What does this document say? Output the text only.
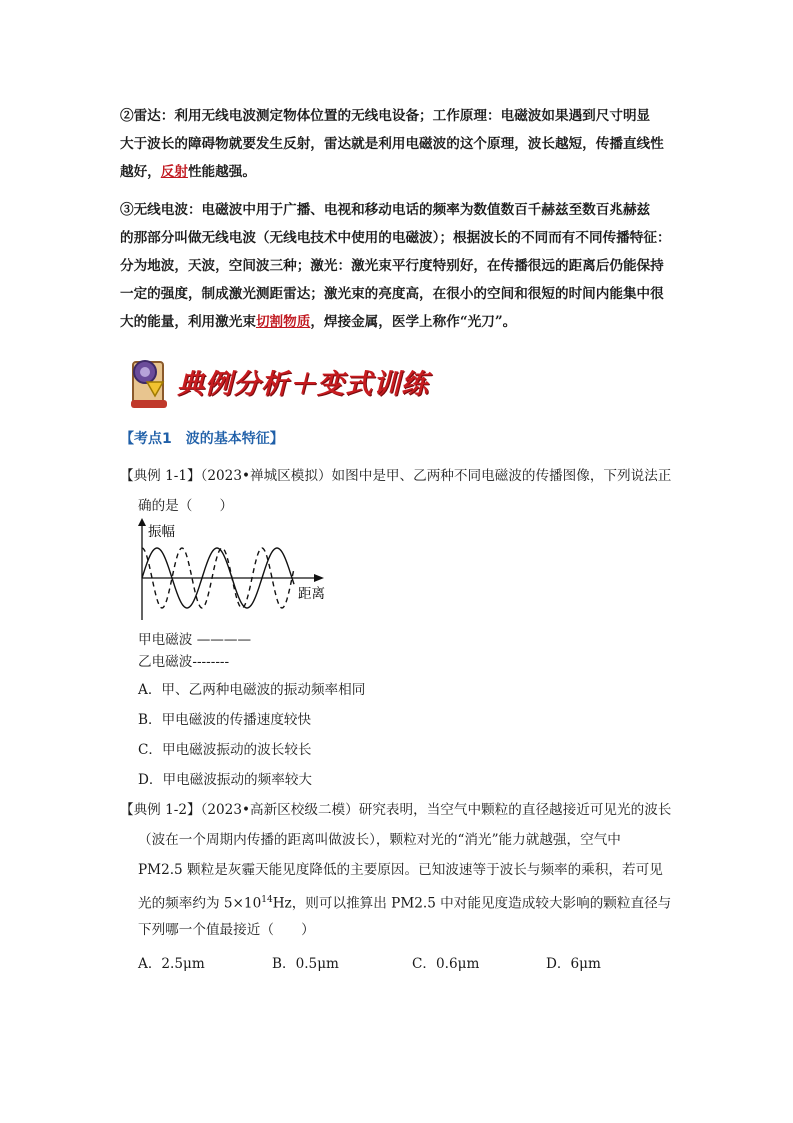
②雷达：利用无线电波测定物体位置的无线电设备；工作原理：电磁波如果遇到尺寸明显

大于波长的障碍物就要发生反射，雷达就是利用电磁波的这个原理，波长越短，传播直线性

越好，反射性能越强。

③无线电波：电磁波中用于广播、电视和移动电话的频率为数值数百千赫兹至数百兆赫兹

的那部分叫做无线电波（无线电技术中使用的电磁波）；根据波长的不同而有不同传播特征：

分为地波，天波，空间波三种；激光：激光束平行度特别好，在传播很远的距离后仍能保持

一定的强度，制成激光测距雷达；激光束的亮度高，在很小的空间和很短的时间内能集中很

大的能量，利用激光束切割物质，焊接金属，医学上称作“光刀”。

典例分析＋变式训练
【考点1　波的基本特征】
【典例 1-1】（2023•禅城区模拟）如图中是甲、乙两种不同电磁波的传播图像，下列说法正
确的是（　　）
振幅
距离
甲电磁波 ————
乙电磁波--------
A．甲、乙两种电磁波的振动频率相同
B．甲电磁波的传播速度较快
C．甲电磁波振动的波长较长
D．甲电磁波振动的频率较大
【典例 1-2】（2023•高新区校级二模）研究表明，当空气中颗粒的直径越接近可见光的波长
（波在一个周期内传播的距离叫做波长），颗粒对光的“消光”能力就越强，空气中
PM2.5 颗粒是灰霾天能见度降低的主要原因。已知波速等于波长与频率的乘积，若可见
光的频率约为 $5\times 10^{14}Hz$，则可以推算出 PM2.5 中对能见度造成较大影响的颗粒直径与
下列哪一个值最接近（　　）
A．2.5μm	B．0.5μm	C．0.6μm	D．6μm
